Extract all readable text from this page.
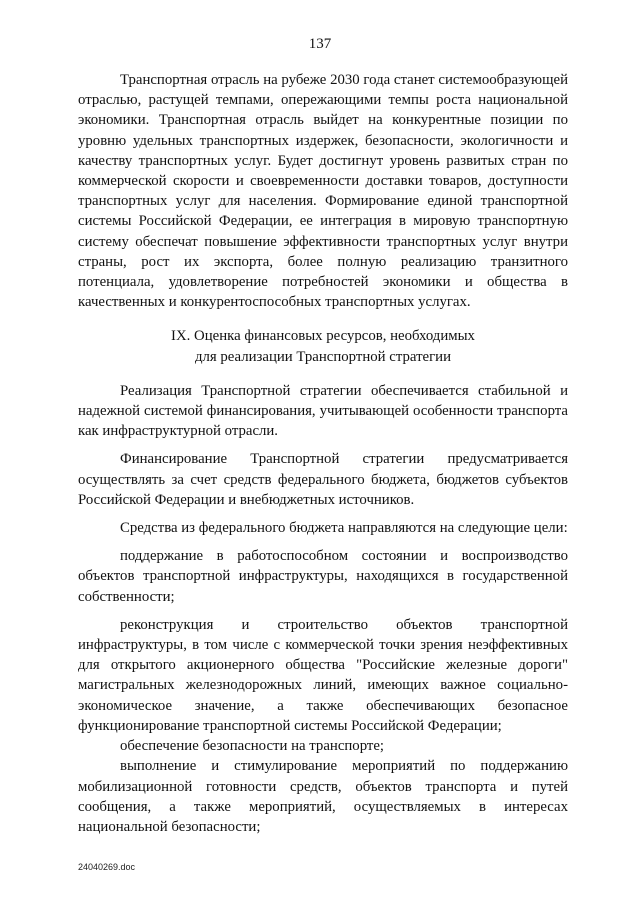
137

Транспортная отрасль на рубеже 2030 года станет системообразующей отраслью, растущей темпами, опережающими темпы роста национальной экономики. Транспортная отрасль выйдет на конкурентные позиции по уровню удельных транспортных издержек, безопасности, экологичности и качеству транспортных услуг. Будет достигнут уровень развитых стран по коммерческой скорости и своевременности доставки товаров, доступности транспортных услуг для населения. Формирование единой транспортной системы Российской Федерации, ее интеграция в мировую транспортную систему обеспечат повышение эффективности транспортных услуг внутри страны, рост их экспорта, более полную реализацию транзитного потенциала, удовлетворение потребностей экономики и общества в качественных и конкурентоспособных транспортных услугах.

IX. Оценка финансовых ресурсов, необходимых
для реализации Транспортной стратегии

Реализация Транспортной стратегии обеспечивается стабильной и надежной системой финансирования, учитывающей особенности транспорта как инфраструктурной отрасли.

Финансирование Транспортной стратегии предусматривается осуществлять за счет средств федерального бюджета, бюджетов субъектов Российской Федерации и внебюджетных источников.

Средства из федерального бюджета направляются на следующие цели:

поддержание в работоспособном состоянии и воспроизводство объектов транспортной инфраструктуры, находящихся в государственной собственности;

реконструкция и строительство объектов транспортной инфраструктуры, в том числе с коммерческой точки зрения неэффективных для открытого акционерного общества "Российские железные дороги" магистральных железнодорожных линий, имеющих важное социально-экономическое значение, а также обеспечивающих безопасное функционирование транспортной системы Российской Федерации;

обеспечение безопасности на транспорте;

выполнение и стимулирование мероприятий по поддержанию мобилизационной готовности средств, объектов транспорта и путей сообщения, а также мероприятий, осуществляемых в интересах национальной безопасности;

24040269.doc
